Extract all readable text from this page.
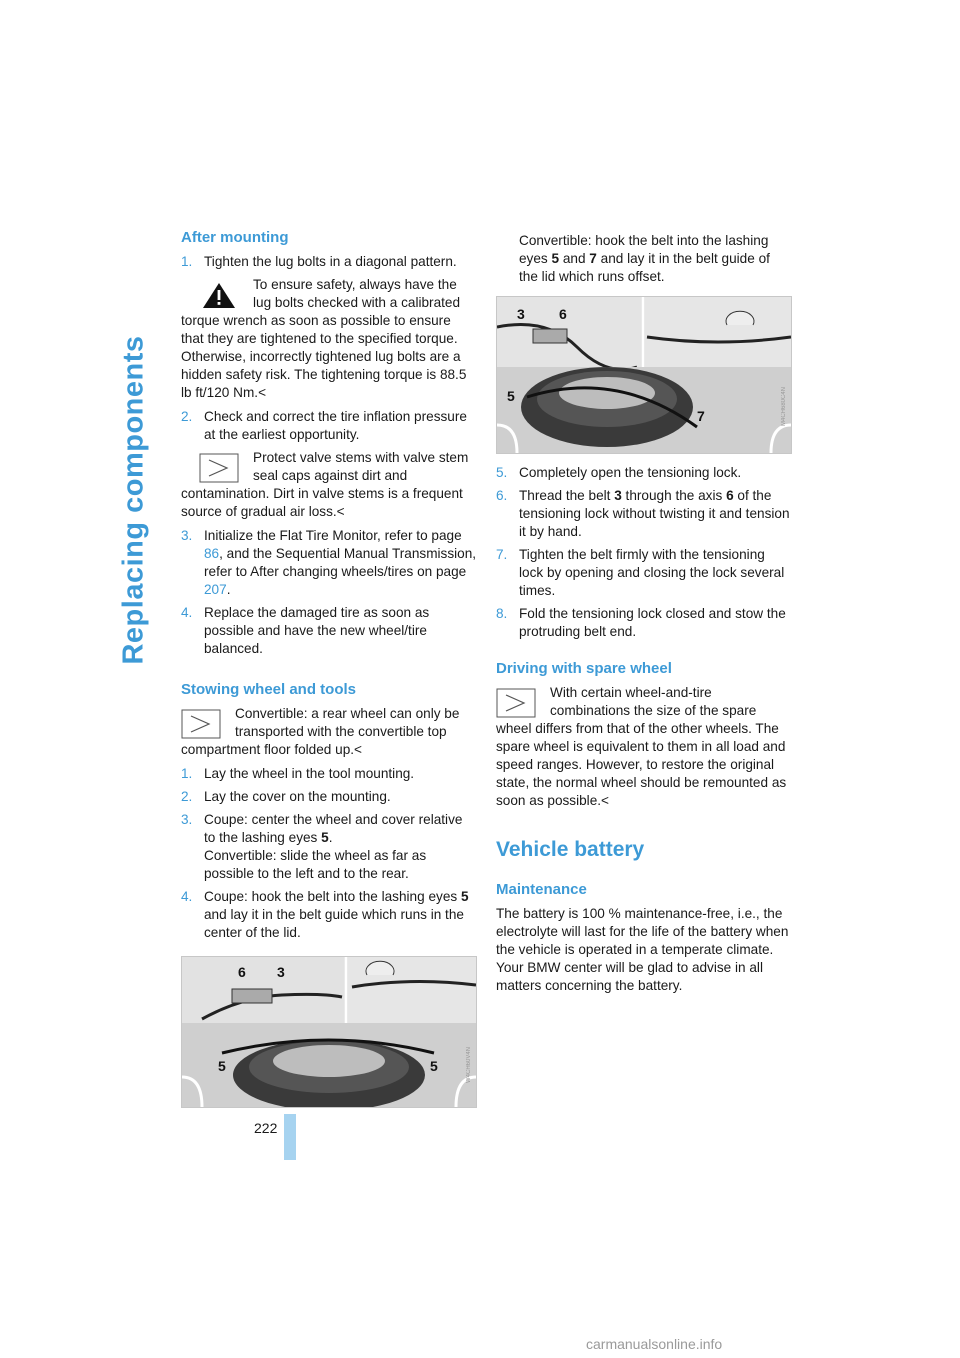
Replacing components
After mounting
1. Tighten the lug bolts in a diagonal pattern.
To ensure safety, always have the lug bolts checked with a calibrated torque wrench as soon as possible to ensure that they are tightened to the specified torque. Otherwise, incorrectly tightened lug bolts are a hidden safety risk. The tightening torque is 88.5 lb ft/120 Nm.<
2. Check and correct the tire inflation pressure at the earliest opportunity.
Protect valve stems with valve stem seal caps against dirt and contamination. Dirt in valve stems is a frequent source of gradual air loss.<
3. Initialize the Flat Tire Monitor, refer to page 86, and the Sequential Manual Transmission, refer to After changing wheels/tires on page 207.
4. Replace the damaged tire as soon as possible and have the new wheel/tire balanced.
Stowing wheel and tools
Convertible: a rear wheel can only be transported with the convertible top compartment floor folded up.<
1. Lay the wheel in the tool mounting.
2. Lay the cover on the mounting.
3. Coupe: center the wheel and cover relative to the lashing eyes 5.
Convertible: slide the wheel as far as possible to the left and to the rear.
4. Coupe: hook the belt into the lashing eyes 5 and lay it in the belt guide which runs in the center of the lid.
6 3
5	5	W4CH60V4N
Convertible: hook the belt into the lashing eyes 5 and 7 and lay it in the belt guide of the lid which runs offset.
3 6
5
7	M4CH680C4N
5. Completely open the tensioning lock.
6. Thread the belt 3 through the axis 6 of the tensioning lock without twisting it and tension it by hand.
7. Tighten the belt firmly with the tensioning lock by opening and closing the lock several times.
8. Fold the tensioning lock closed and stow the protruding belt end.
Driving with spare wheel
With certain wheel-and-tire combinations the size of the spare wheel differs from that of the other wheels. The spare wheel is equivalent to them in all load and speed ranges. However, to restore the original state, the normal wheel should be remounted as soon as possible.<
Vehicle battery
Maintenance

The battery is 100 % maintenance-free, i.e., the electrolyte will last for the life of the battery when the vehicle is operated in a temperate climate.

Your BMW center will be glad to advise in all matters concerning the battery.

222
carmanualsonline.info
